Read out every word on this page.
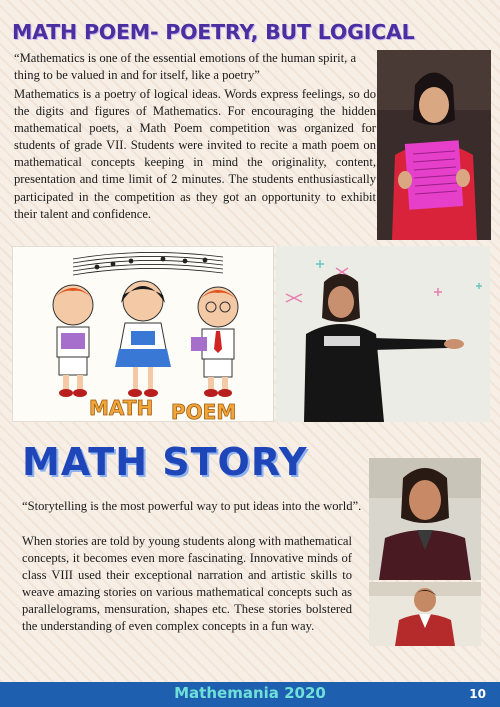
MATH POEM- POETRY, BUT LOGICAL
“Mathematics is one of the essential emotions of the human spirit, a thing to be valued in and for itself, like a poetry”
Mathematics is a poetry of logical ideas. Words express feelings, so do the digits and figures of Mathematics. For encouraging the hidden mathematical poets, a Math Poem competition was organized for students of grade VII. Students were invited to recite a math poem on mathematical concepts keeping in mind the originality, content, presentation and time limit of 2 minutes. The students enthusiastically participated in the competition as they got an opportunity to exhibit their talent and confidence.
MATH POEM
MATH STORY
“Storytelling is the most powerful way to put ideas into the world”.
When stories are told by young students along with mathematical concepts, it becomes even more fascinating. Innovative minds of class VIII used their exceptional narration and artistic skills to weave amazing stories on various mathematical concepts such as parallelograms, mensuration, shapes etc. These stories bolstered the understanding of even complex concepts in a fun way.
Mathemania 2020	10
